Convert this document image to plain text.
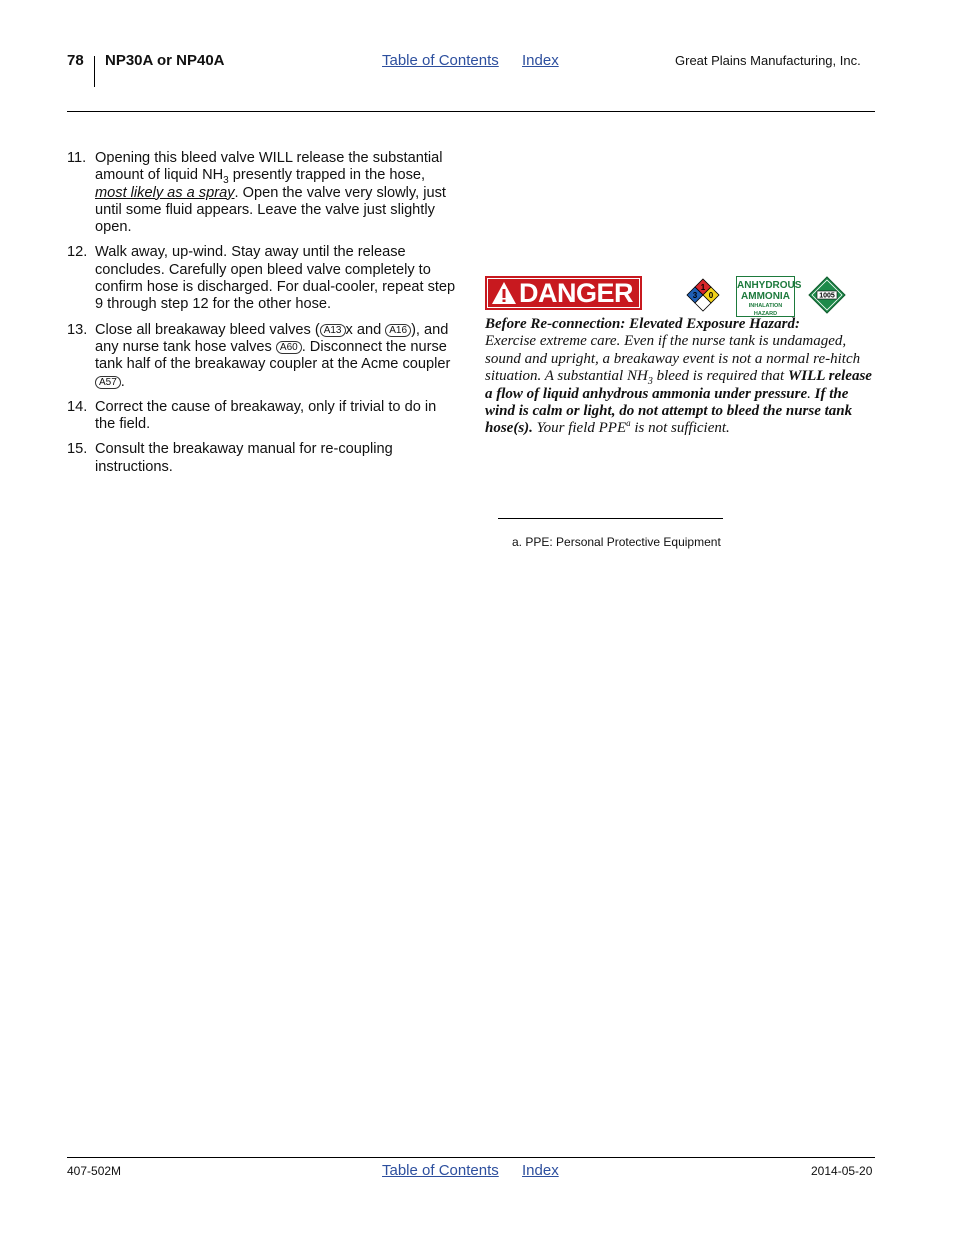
78 NP30A or NP40A	Table of Contents Index	Great Plains Manufacturing, Inc.
11. Opening this bleed valve WILL release the substantial amount of liquid $NH_3$ presently trapped in the hose, most likely as a spray. Open the valve very slowly, just until some fluid appears. Leave the valve just slightly open.
12. Walk away, up-wind. Stay away until the release concludes. Carefully open bleed valve completely to confirm hose is discharged. For dual-cooler, repeat step 9 through step 12 for the other hose.
13. Close all breakaway bleed valves ( A13 x and A16 ), and any nurse tank hose valves A60 . Disconnect the nurse tank half of the breakaway coupler at the Acme coupler A57 .
14. Correct the cause of breakaway, only if trivial to do in the field.
15. Consult the breakaway manual for re-coupling instructions.
DANGER	1
3 0
ANHYDROUS
AMMONIA
INHALATION HAZARD
1005
Before Re-connection: Elevated Exposure Hazard:
Exercise extreme care. Even if the nurse tank is undamaged, sound and upright, a breakaway event is not a normal re-hitch situation. A substantial $NH_3$ bleed is required that WILL release a flow of liquid anhydrous ammonia under pressure. If the wind is calm or light, do not attempt to bleed the nurse tank hose(s). Your field PPE$^a$ is not sufficient.
a. PPE: Personal Protective Equipment
407-502M	Table of Contents Index	2014-05-20
